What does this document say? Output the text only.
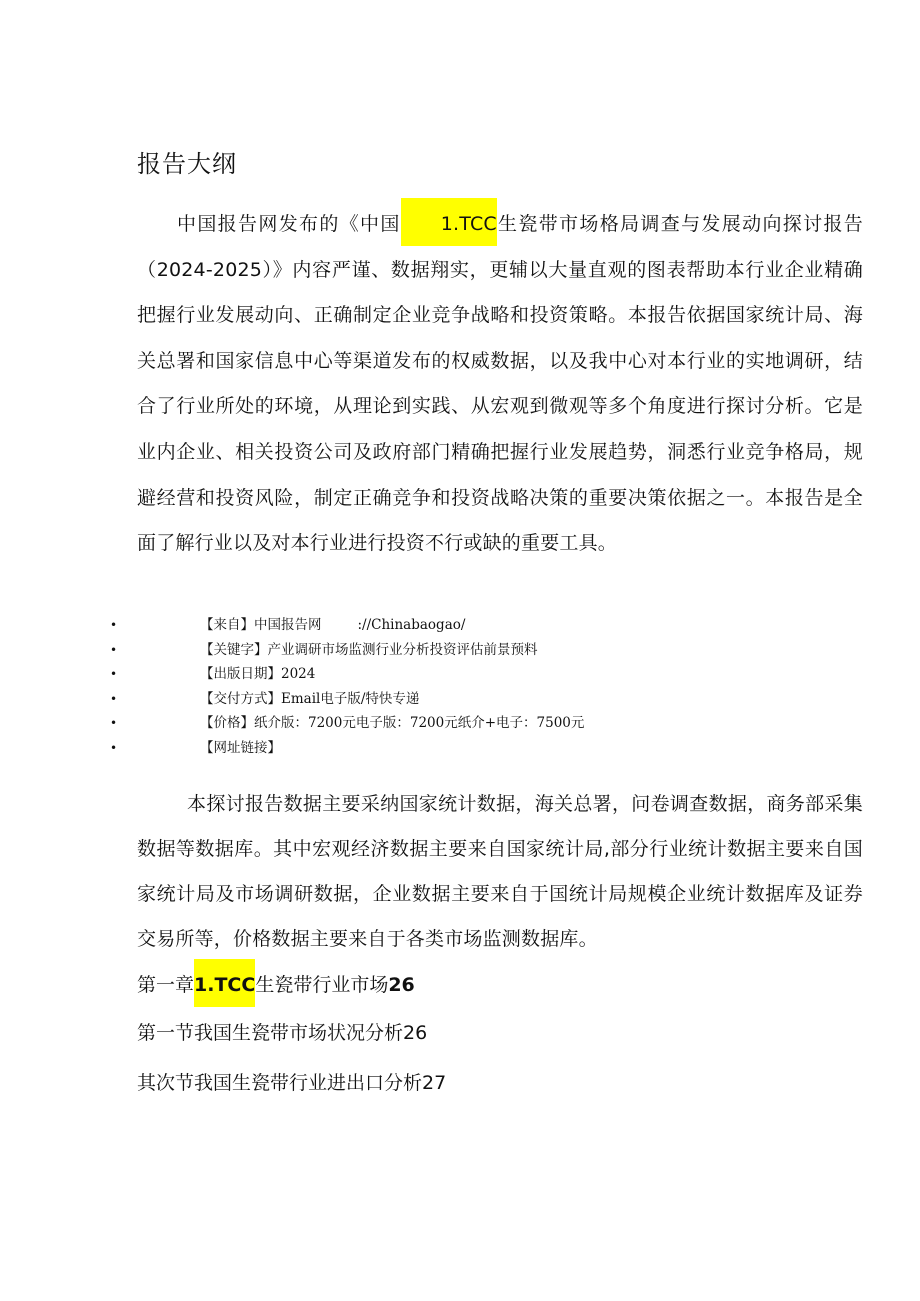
报告大纲

中国报告网发布的《中国 1.TCC生瓷带市场格局调查与发展动向探讨报告（2024-2025）》内容严谨、数据翔实，更辅以大量直观的图表帮助本行业企业精确把握行业发展动向、正确制定企业竞争战略和投资策略。本报告依据国家统计局、海关总署和国家信息中心等渠道发布的权威数据，以及我中心对本行业的实地调研，结合了行业所处的环境，从理论到实践、从宏观到微观等多个角度进行探讨分析。它是业内企业、相关投资公司及政府部门精确把握行业发展趋势，洞悉行业竞争格局，规避经营和投资风险，制定正确竞争和投资战略决策的重要决策依据之一。本报告是全面了解行业以及对本行业进行投资不行或缺的重要工具。

•	【来自】中国报告网	://Chinabaogao/
•	【关键字】产业调研市场监测行业分析投资评估前景预料
•	【出版日期】2024
•	【交付方式】Email电子版/特快专递
•	【价格】纸介版：7200元电子版：7200元纸介+电子：7500元
•	【网址链接】

本探讨报告数据主要采纳国家统计数据，海关总署，问卷调查数据，商务部采集数据等数据库。其中宏观经济数据主要来自国家统计局,部分行业统计数据主要来自国家统计局及市场调研数据，企业数据主要来自于国统计局规模企业统计数据库及证券交易所等，价格数据主要来自于各类市场监测数据库。

第一章1.TCC生瓷带行业市场26

第一节我国生瓷带市场状况分析26

其次节我国生瓷带行业进出口分析27
